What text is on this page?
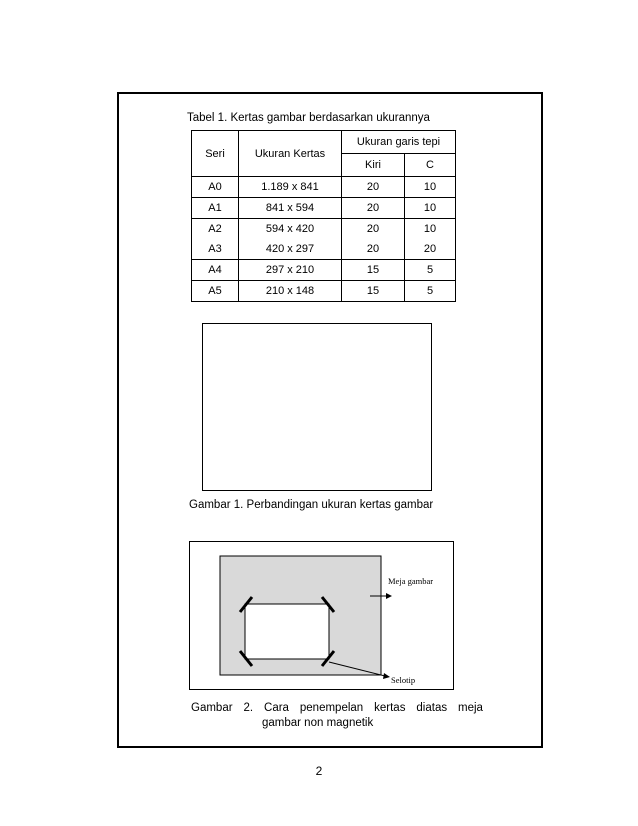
Tabel 1. Kertas gambar berdasarkan ukurannya
Seri	Ukuran Kertas	Ukuran garis tepi	
		Kiri	C
A0	1.189 x 841	20	10
A1	841 x 594	20	10
A2	594 x 420	20	10
A3	420 x 297	20	20
A4	297 x 210	15	5
A5	210 x 148	15	5
Gambar 1. Perbandingan ukuran kertas gambar
Meja gambar
Selotip
Gambar 2. Cara penempelan kertas diatas meja
gambar non magnetik
2
